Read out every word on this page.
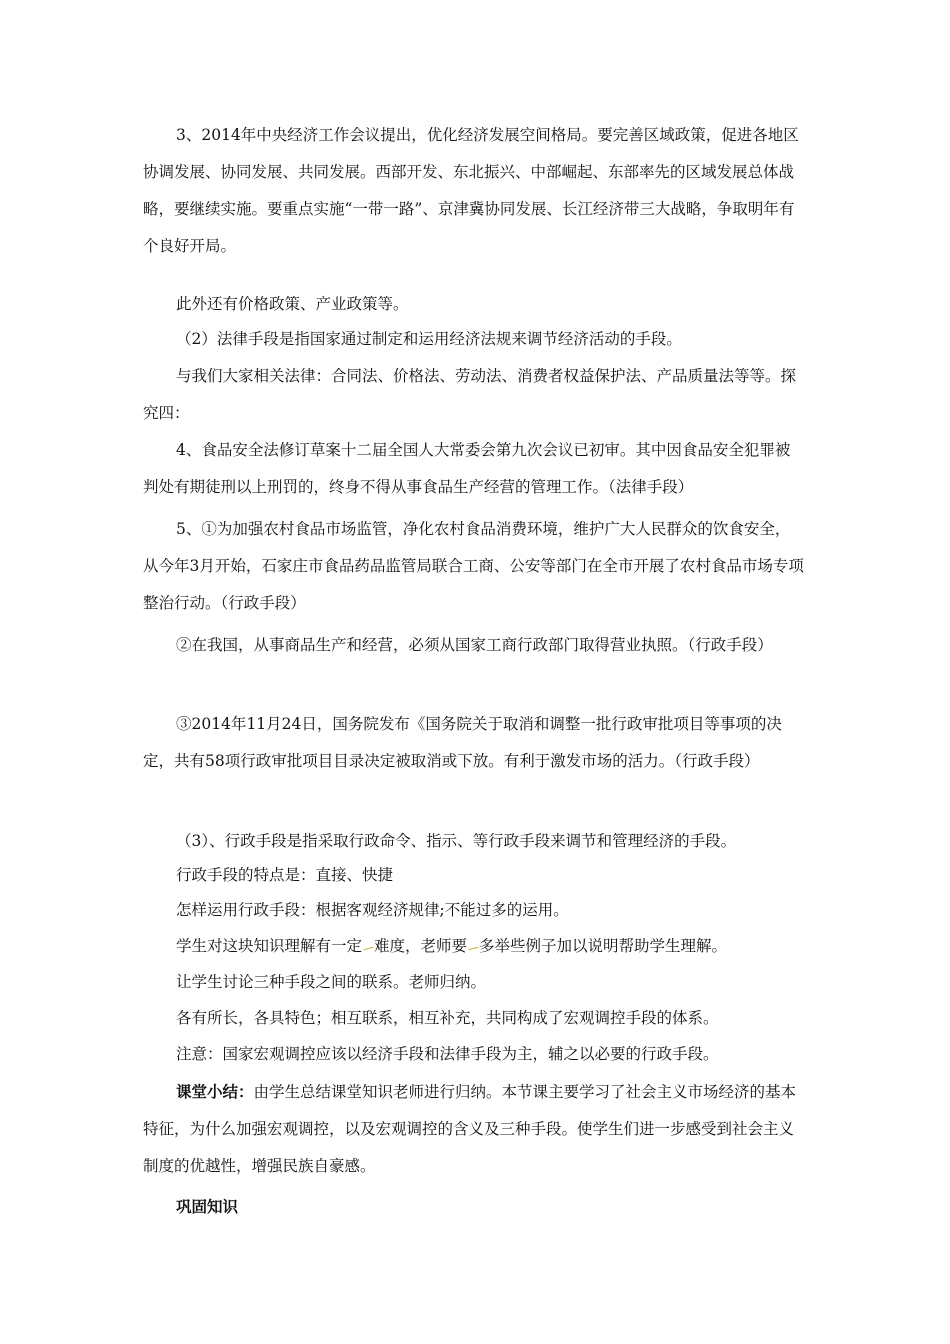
3、2014年中央经济工作会议提出，优化经济发展空间格局。要完善区域政策，促进各地区协调发展、协同发展、共同发展。西部开发、东北振兴、中部崛起、东部率先的区域发展总体战略，要继续实施。要重点实施“一带一路”、京津冀协同发展、长江经济带三大战略，争取明年有个良好开局。

此外还有价格政策、产业政策等。

（2）法律手段是指国家通过制定和运用经济法规来调节经济活动的手段。

与我们大家相关法律：合同法、价格法、劳动法、消费者权益保护法、产品质量法等等。探究四：

4、食品安全法修订草案十二届全国人大常委会第九次会议已初审。其中因食品安全犯罪被判处有期徒刑以上刑罚的，终身不得从事食品生产经营的管理工作。（法律手段）

5、①为加强农村食品市场监管，净化农村食品消费环境，维护广大人民群众的饮食安全，从今年3月开始，石家庄市食品药品监管局联合工商、公安等部门在全市开展了农村食品市场专项整治行动。（行政手段）

②在我国，从事商品生产和经营，必须从国家工商行政部门取得营业执照。（行政手段）

③2014年11月24日，国务院发布《国务院关于取消和调整一批行政审批项目等事项的决定，共有58项行政审批项目目录决定被取消或下放。有利于激发市场的活力。（行政手段）

（3）、行政手段是指采取行政命令、指示、等行政手段来调节和管理经济的手段。

行政手段的特点是：直接、快捷

怎样运用行政手段：根据客观经济规律;不能过多的运用。

学生对这块知识理解有一定 难度，老师要 多举些例子加以说明帮助学生理解。

让学生讨论三种手段之间的联系。老师归纳。

各有所长，各具特色；相互联系，相互补充，共同构成了宏观调控手段的体系。

注意：国家宏观调控应该以经济手段和法律手段为主，辅之以必要的行政手段。

课堂小结：由学生总结课堂知识老师进行归纳。本节课主要学习了社会主义市场经济的基本特征，为什么加强宏观调控，以及宏观调控的含义及三种手段。使学生们进一步感受到社会主义制度的优越性，增强民族自豪感。

巩固知识
